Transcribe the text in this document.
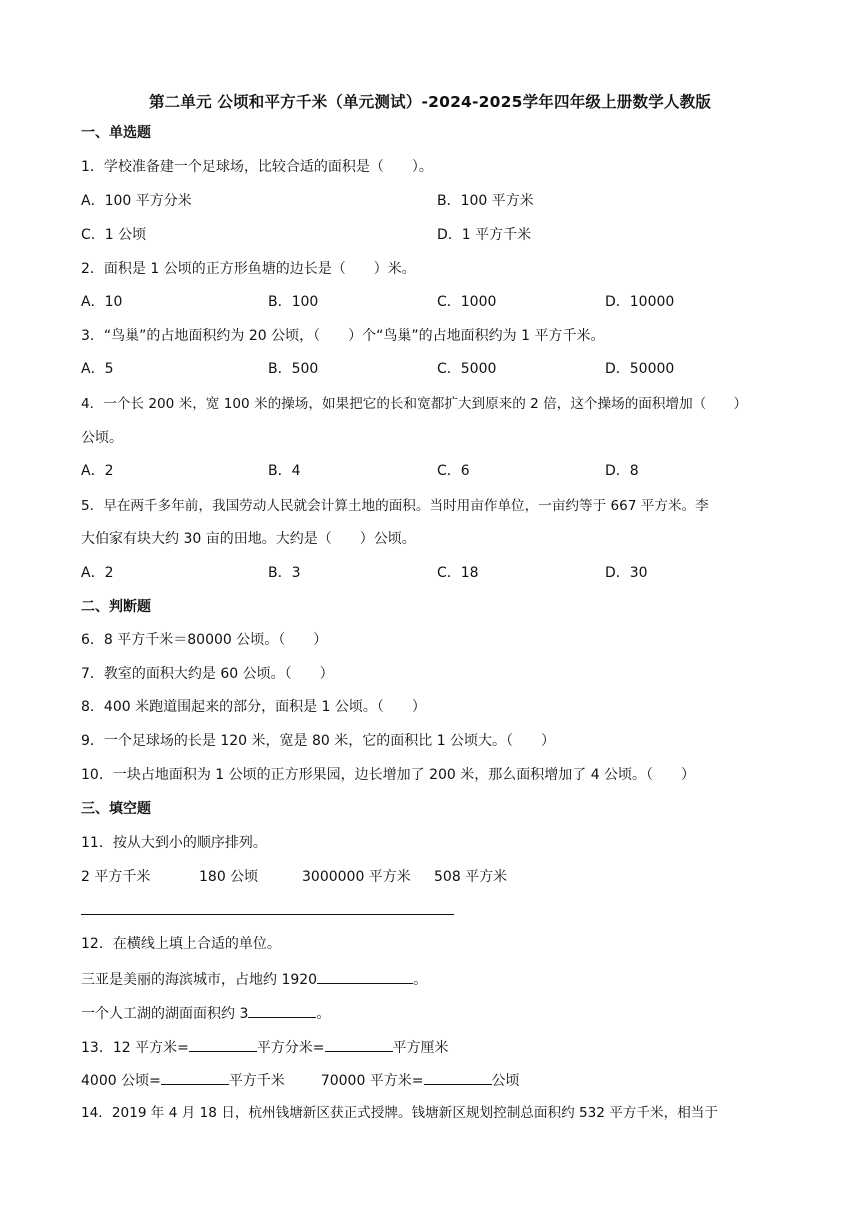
第二单元 公顷和平方千米（单元测试）-2024-2025学年四年级上册数学人教版
一、单选题
1．学校准备建一个足球场，比较合适的面积是（　　）。
A．100 平方分米	B．100 平方米
C．1 公顷	D．1 平方千米
2．面积是 1 公顷的正方形鱼塘的边长是（　　）米。
A．10	B．100	C．1000	D．10000
3．“鸟巢”的占地面积约为 20 公顷，（　　）个“鸟巢”的占地面积约为 1 平方千米。
A．5	B．500	C．5000	D．50000
4．一个长 200 米，宽 100 米的操场，如果把它的长和宽都扩大到原来的 2 倍，这个操场的面积增加（　　）
公顷。
A．2	B．4	C．6	D．8
5．早在两千多年前，我国劳动人民就会计算土地的面积。当时用亩作单位，一亩约等于 667 平方米。李
大伯家有块大约 30 亩的田地。大约是（　　）公顷。
A．2	B．3	C．18	D．30
二、判断题
6．8 平方千米＝80000 公顷。（　　）
7．教室的面积大约是 60 公顷。（　　）
8．400 米跑道围起来的部分，面积是 1 公顷。（　　）
9．一个足球场的长是 120 米，宽是 80 米，它的面积比 1 公顷大。（　　）
10．一块占地面积为 1 公顷的正方形果园，边长增加了 200 米，那么面积增加了 4 公顷。（　　）
三、填空题
11．按从大到小的顺序排列。
2 平方千米	180 公顷	3000000 平方米 508 平方米
12．在横线上填上合适的单位。
三亚是美丽的海滨城市，占地约 1920	。
一个人工湖的湖面面积约 3	。
13．12 平方米=	平方分米=	平方厘米
4000 公顷=	平方千米	70000 平方米=	公顷
14．2019 年 4 月 18 日，杭州钱塘新区获正式授牌。钱塘新区规划控制总面积约 532 平方千米，相当于
